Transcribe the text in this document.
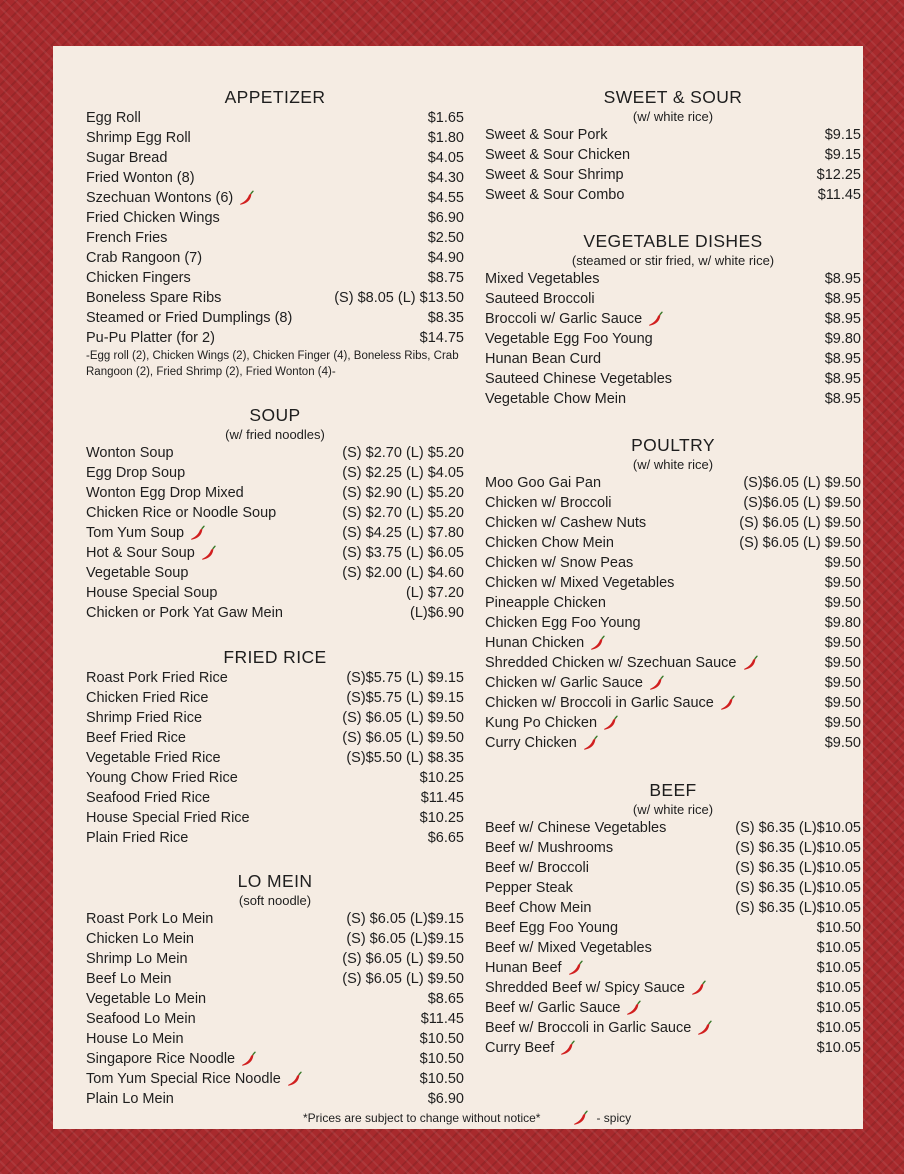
APPETIZER
Egg Roll	$1.65
Shrimp Egg Roll	$1.80
Sugar Bread	$4.05
Fried Wonton (8)	$4.30
Szechuan Wontons (6)	$4.55
Fried Chicken Wings	$6.90
French Fries	$2.50
Crab Rangoon (7)	$4.90
Chicken Fingers	$8.75
Boneless Spare Ribs	(S) $8.05 (L) $13.50
Steamed or Fried Dumplings (8)	$8.35
Pu-Pu Platter (for 2)	$14.75
-Egg roll (2), Chicken Wings (2), Chicken Finger (4), Boneless Ribs, Crab Rangoon (2), Fried Shrimp (2), Fried Wonton (4)-
SOUP
(w/ fried noodles)
Wonton Soup	(S) $2.70 (L) $5.20
Egg Drop Soup	(S) $2.25 (L) $4.05
Wonton Egg Drop Mixed	(S) $2.90 (L) $5.20
Chicken Rice or Noodle Soup	(S) $2.70 (L) $5.20
Tom Yum Soup	(S) $4.25 (L) $7.80
Hot & Sour Soup	(S) $3.75 (L) $6.05
Vegetable Soup	(S) $2.00 (L) $4.60
House Special Soup	(L) $7.20
Chicken or Pork Yat Gaw Mein	(L)$6.90
FRIED RICE
Roast Pork Fried Rice	(S)$5.75 (L) $9.15
Chicken Fried Rice	(S)$5.75 (L) $9.15
Shrimp Fried Rice	(S) $6.05 (L) $9.50
Beef Fried Rice	(S) $6.05 (L) $9.50
Vegetable Fried Rice	(S)$5.50 (L) $8.35
Young Chow Fried Rice	$10.25
Seafood Fried Rice	$11.45
House Special Fried Rice	$10.25
Plain Fried Rice	$6.65
LO MEIN
(soft noodle)
Roast Pork Lo Mein	(S) $6.05 (L)$9.15
Chicken Lo Mein	(S) $6.05 (L)$9.15
Shrimp Lo Mein	(S) $6.05 (L) $9.50
Beef Lo Mein	(S) $6.05 (L) $9.50
Vegetable Lo Mein	$8.65
Seafood Lo Mein	$11.45
House Lo Mein	$10.50
Singapore Rice Noodle	$10.50
Tom Yum Special Rice Noodle	$10.50
Plain Lo Mein	$6.90
SWEET & SOUR
(w/ white rice)
Sweet & Sour Pork	$9.15
Sweet & Sour Chicken	$9.15
Sweet & Sour Shrimp	$12.25
Sweet & Sour Combo	$11.45
VEGETABLE DISHES
(steamed or stir fried, w/ white rice)
Mixed Vegetables	$8.95
Sauteed Broccoli	$8.95
Broccoli w/ Garlic Sauce	$8.95
Vegetable Egg Foo Young	$9.80
Hunan Bean Curd	$8.95
Sauteed Chinese Vegetables	$8.95
Vegetable Chow Mein	$8.95
POULTRY
(w/ white rice)
Moo Goo Gai Pan	(S)$6.05 (L) $9.50
Chicken w/ Broccoli	(S)$6.05 (L) $9.50
Chicken w/ Cashew Nuts	(S) $6.05 (L) $9.50
Chicken Chow Mein	(S) $6.05 (L) $9.50
Chicken w/ Snow Peas	$9.50
Chicken w/ Mixed Vegetables	$9.50
Pineapple Chicken	$9.50
Chicken Egg Foo Young	$9.80
Hunan Chicken	$9.50
Shredded Chicken w/ Szechuan Sauce	$9.50
Chicken w/ Garlic Sauce	$9.50
Chicken w/ Broccoli in Garlic Sauce	$9.50
Kung Po Chicken	$9.50
Curry Chicken	$9.50
BEEF
(w/ white rice)
Beef w/ Chinese Vegetables	(S) $6.35 (L)$10.05
Beef w/ Mushrooms	(S) $6.35 (L)$10.05
Beef w/ Broccoli	(S) $6.35 (L)$10.05
Pepper Steak	(S) $6.35 (L)$10.05
Beef Chow Mein	(S) $6.35 (L)$10.05
Beef Egg Foo Young	$10.50
Beef w/ Mixed Vegetables	$10.05
Hunan Beef	$10.05
Shredded Beef w/ Spicy Sauce	$10.05
Beef w/ Garlic Sauce	$10.05
Beef w/ Broccoli in Garlic Sauce	$10.05
Curry Beef	$10.05
*Prices are subject to change without notice*	- spicy
